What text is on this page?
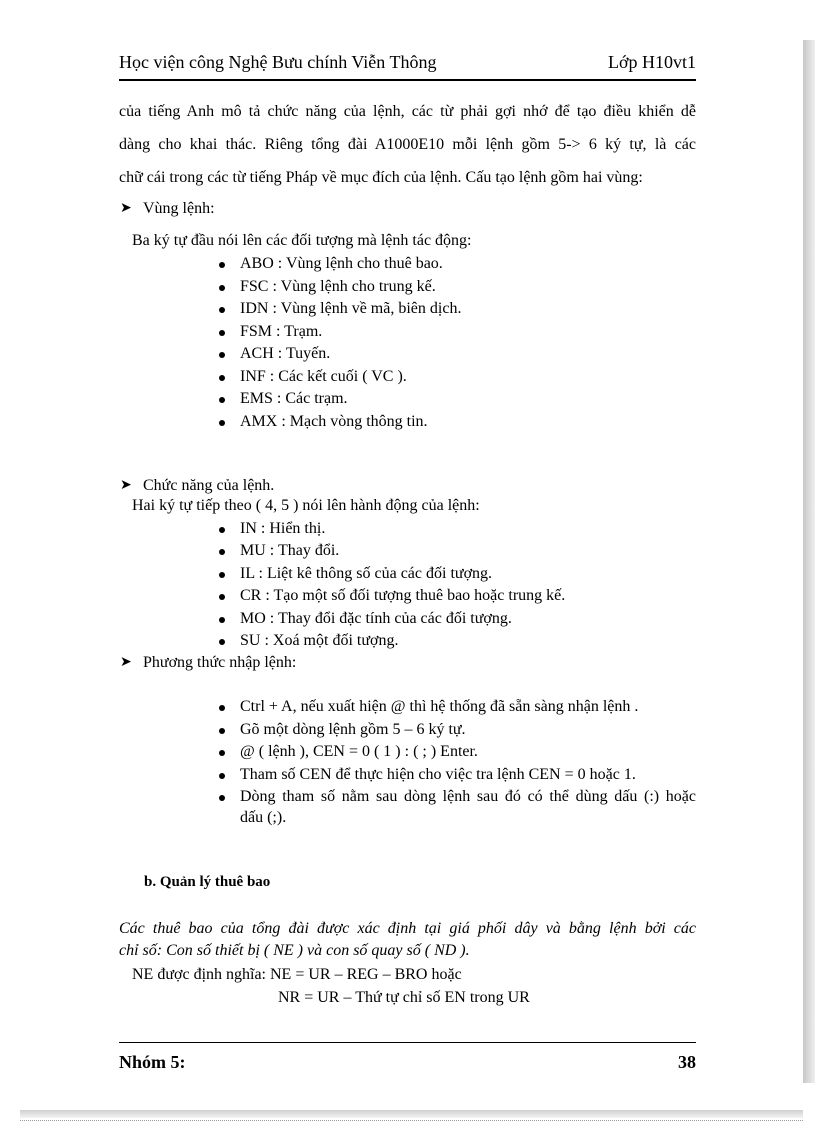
Học viện công Nghệ Bưu chính Viễn Thông	Lớp H10vt1
của tiếng Anh mô tả chức năng của lệnh, các từ phải gợi nhớ để tạo điều khiển dễ
dàng cho khai thác. Riêng tổng đài A1000E10 mỗi lệnh gồm 5-> 6 ký tự, là các
chữ cái trong các từ tiếng Pháp về mục đích của lệnh. Cấu tạo lệnh gồm hai vùng:
➤ Vùng lệnh:
Ba ký tự đầu nói lên các đối tượng mà lệnh tác động:
ABO : Vùng lệnh cho thuê bao.
FSC : Vùng lệnh cho trung kế.
IDN : Vùng lệnh về mã, biên dịch.
FSM : Trạm.
ACH : Tuyến.
INF : Các kết cuối ( VC ).
EMS : Các trạm.
AMX : Mạch vòng thông tin.
➤ Chức năng của lệnh.
Hai ký tự tiếp theo ( 4, 5 ) nói lên hành động của lệnh:
IN : Hiển thị.
MU : Thay đổi.
IL : Liệt kê thông số của các đối tượng.
CR : Tạo một số đối tượng thuê bao hoặc trung kế.
MO : Thay đổi đặc tính của các đối tượng.
SU : Xoá một đối tượng.
➤ Phương thức nhập lệnh:
Ctrl + A, nếu xuất hiện @ thì hệ thống đã sẵn sàng nhận lệnh .
Gõ một dòng lệnh gồm 5 – 6 ký tự.
@ ( lệnh ), CEN = 0 ( 1 ) : ( ; ) Enter.
Tham số CEN để thực hiện cho việc tra lệnh CEN = 0 hoặc 1.
Dòng tham số nằm sau dòng lệnh sau đó có thể dùng dấu (:) hoặc
dấu (;).
b. Quản lý thuê bao
Các thuê bao của tổng đài được xác định tại giá phối dây và bằng lệnh bởi các
chỉ số: Con số thiết bị ( NE ) và con số quay số ( ND ).
NE được định nghĩa: NE = UR – REG – BRO hoặc
NR = UR – Thứ tự chỉ số EN trong UR
Nhóm 5:	38
